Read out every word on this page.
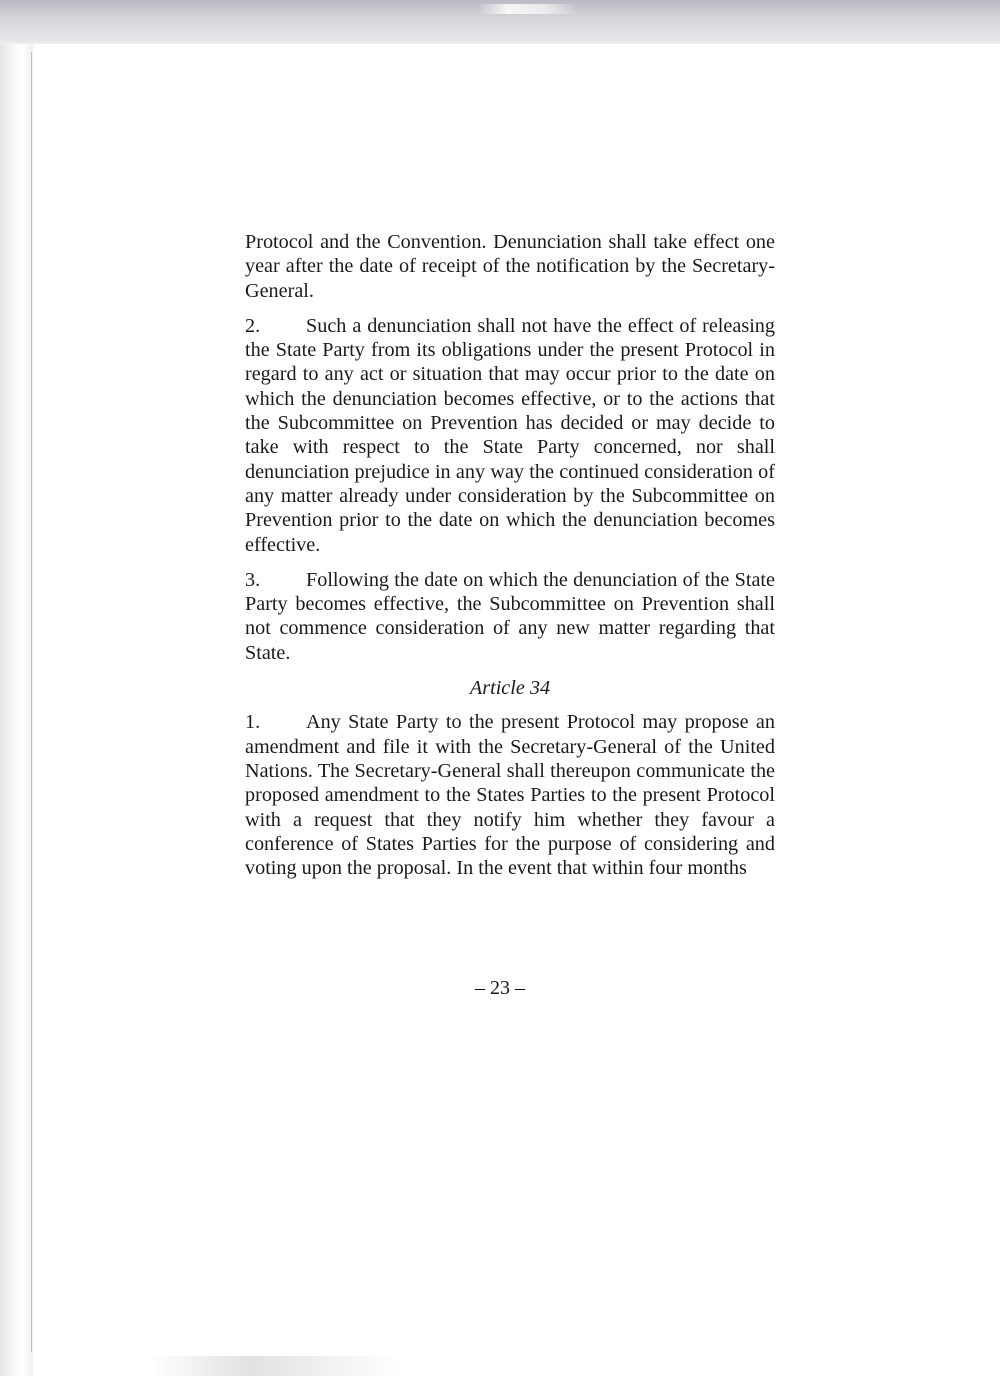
Protocol and the Convention. Denunciation shall take effect one year after the date of receipt of the notification by the Secretary-General.

2. Such a denunciation shall not have the effect of releasing the State Party from its obligations under the present Protocol in regard to any act or situation that may occur prior to the date on which the denunciation becomes effective, or to the actions that the Subcommittee on Prevention has decided or may decide to take with respect to the State Party concerned, nor shall denunciation prejudice in any way the continued consideration of any matter already under consideration by the Subcommittee on Prevention prior to the date on which the denunciation becomes effective.

3. Following the date on which the denunciation of the State Party becomes effective, the Subcommittee on Prevention shall not commence consideration of any new matter regarding that State.

Article 34

1. Any State Party to the present Protocol may propose an amendment and file it with the Secretary-General of the United Nations. The Secretary-General shall thereupon communicate the proposed amendment to the States Parties to the present Protocol with a request that they notify him whether they favour a conference of States Parties for the purpose of considering and voting upon the proposal. In the event that within four months

– 23 –
